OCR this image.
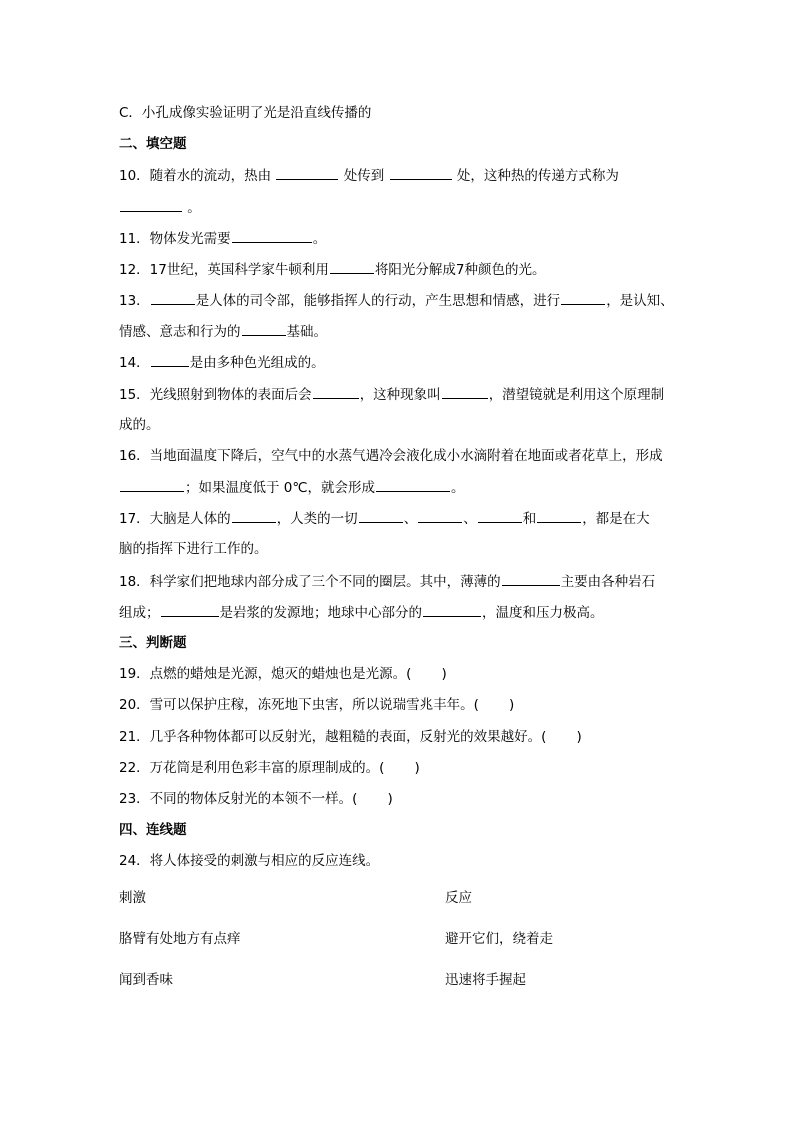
C．小孔成像实验证明了光是沿直线传播的
二、填空题
10．随着水的流动，热由	处传到	处，这种热的传递方式称为
。
11．物体发光需要	。
12．17世纪，英国科学家牛顿利用	将阳光分解成7种颜色的光。
13．	是人体的司令部，能够指挥人的行动，产生思想和情感，进行	，是认知、
情感、意志和行为的	基础。
14．	是由多种色光组成的。
15．光线照射到物体的表面后会	，这种现象叫	，潜望镜就是利用这个原理制
成的。
16．当地面温度下降后，空气中的水蒸气遇冷会液化成小水滴附着在地面或者花草上，形成
；如果温度低于 0℃，就会形成	。
17．大脑是人体的	，人类的一切	、	、	和	，都是在大
脑的指挥下进行工作的。
18．科学家们把地球内部分成了三个不同的圈层。其中，薄薄的	主要由各种岩石
组成；	是岩浆的发源地；地球中心部分的	，温度和压力极高。
三、判断题
19．点燃的蜡烛是光源，熄灭的蜡烛也是光源。( )
20．雪可以保护庄稼，冻死地下虫害，所以说瑞雪兆丰年。( )
21．几乎各种物体都可以反射光，越粗糙的表面，反射光的效果越好。( )
22．万花筒是利用色彩丰富的原理制成的。( )
23．不同的物体反射光的本领不一样。( )
四、连线题
24．将人体接受的刺激与相应的反应连线。
刺激	反应
胳臂有处地方有点痒	避开它们，绕着走
闻到香味	迅速将手握起
